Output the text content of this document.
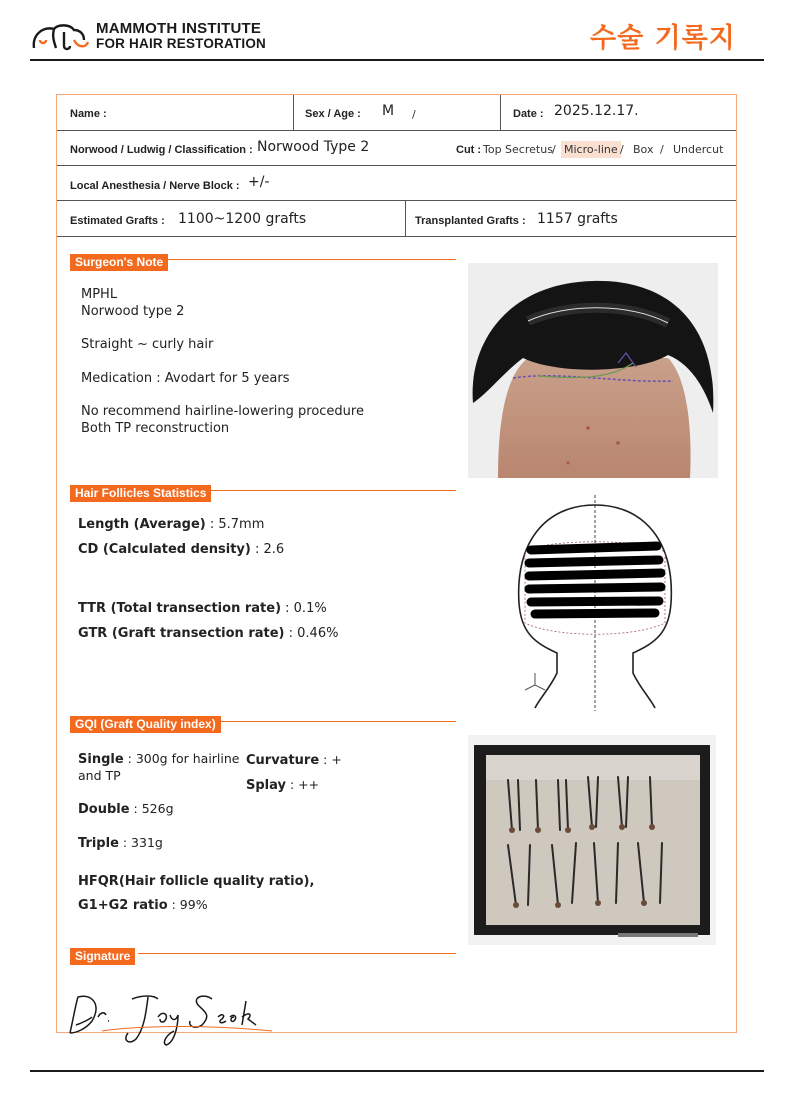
MAMMOTH INSTITUTE
FOR HAIR RESTORATION	수술 기록지
Name :	Sex / Age : M /	Date : 2025.12.17.
Norwood / Ludwig / Classification : Norwood Type 2	Cut : Top Secretus / Micro-line / Box / Undercut
Local Anesthesia / Nerve Block : +/-
Estimated Grafts : 1100~1200 grafts	Transplanted Grafts : 1157 grafts
Surgeon's Note
MPHL
Norwood type 2
Straight ~ curly hair
Medication : Avodart for 5 years
No recommend hairline-lowering procedure
Both TP reconstruction
Hair Follicles Statistics
Length (Average) : 5.7mm
CD (Calculated density) : 2.6
TTR (Total transection rate) : 0.1%
GTR (Graft transection rate) : 0.46%
GQI (Graft Quality index)
Single : 300g for hairline
and TP
Curvature : +
Splay : ++
Double : 526g
Triple : 331g
HFQR(Hair follicle quality ratio),
G1+G2 ratio : 99%
Signature
